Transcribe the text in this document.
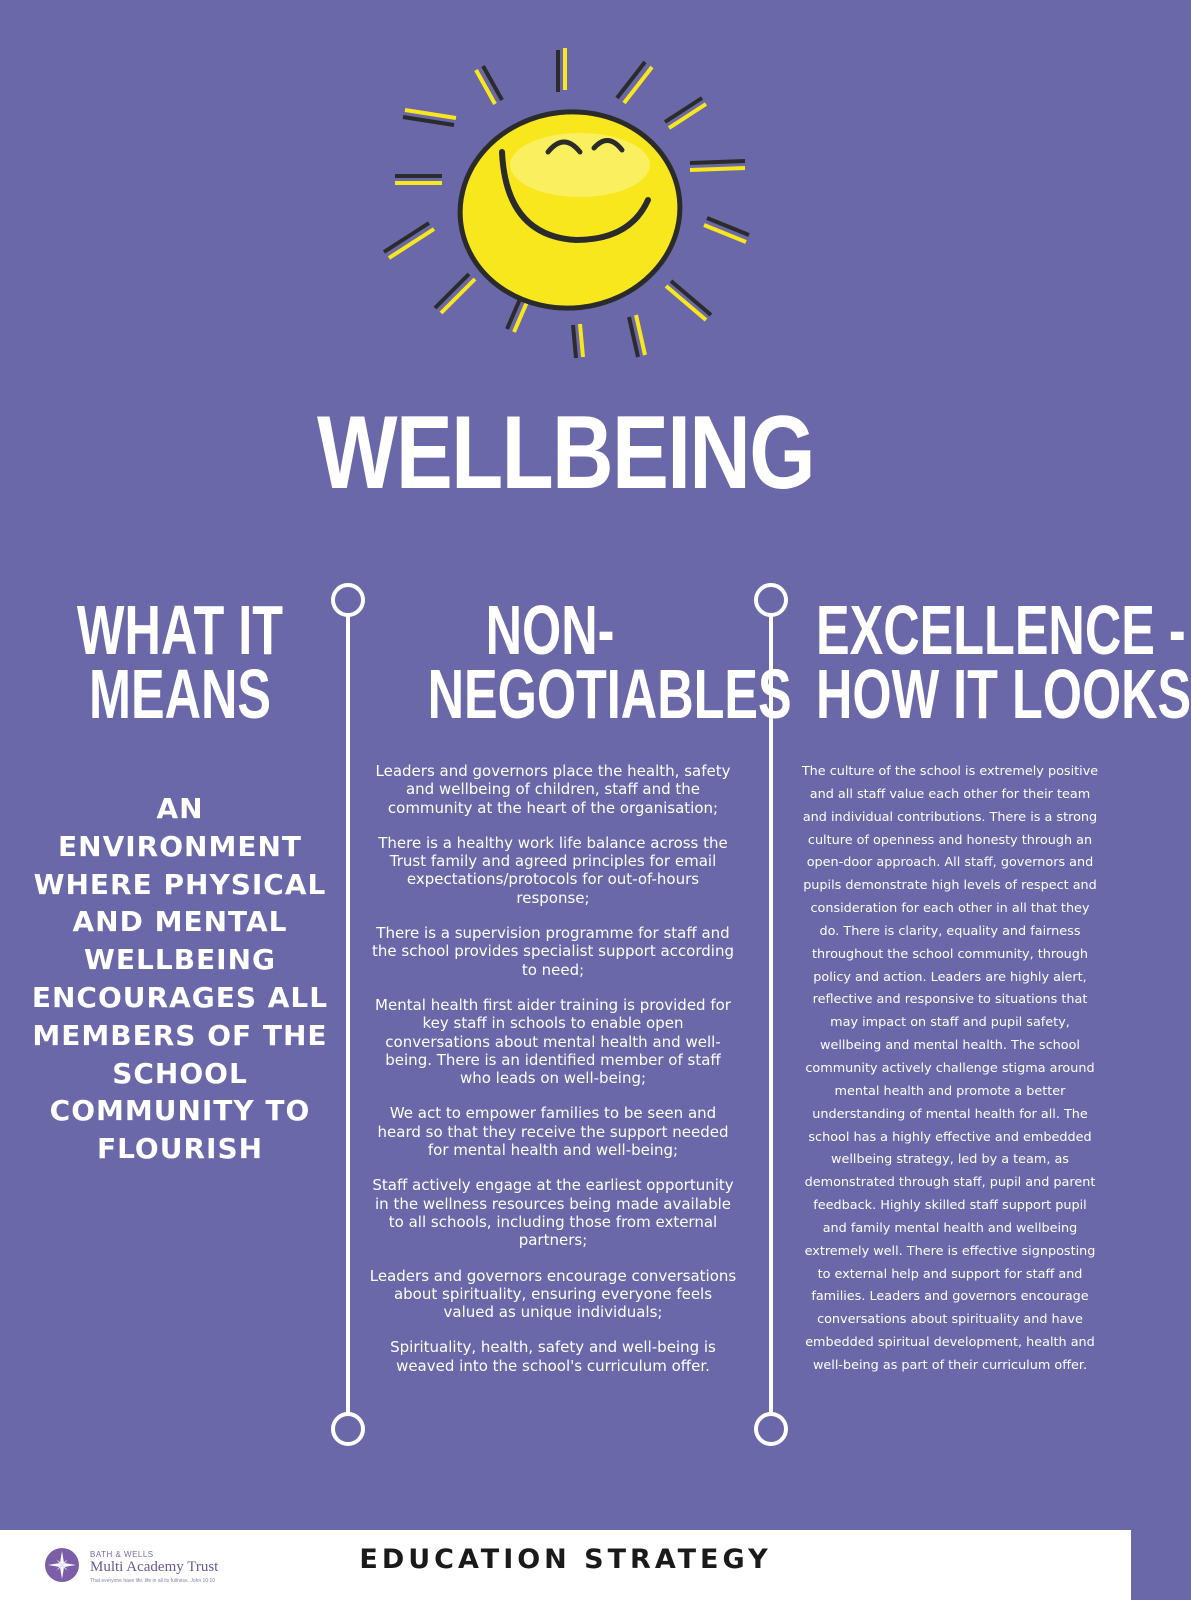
WELLBEING
WHAT IT
MEANS
NON-
NEGOTIABLES
EXCELLENCE -
HOW IT LOOKS
AN ENVIRONMENT WHERE PHYSICAL AND MENTAL WELLBEING ENCOURAGES ALL MEMBERS OF THE SCHOOL COMMUNITY TO FLOURISH

Leaders and governors place the health, safety and wellbeing of children, staff and the community at the heart of the organisation;

There is a healthy work life balance across the Trust family and agreed principles for email expectations/protocols for out-of-hours response;

There is a supervision programme for staff and the school provides specialist support according to need;

Mental health first aider training is provided for key staff in schools to enable open conversations about mental health and well-being. There is an identified member of staff who leads on well-being;

We act to empower families to be seen and heard so that they receive the support needed for mental health and well-being;

Staff actively engage at the earliest opportunity in the wellness resources being made available to all schools, including those from external partners;

Leaders and governors encourage conversations about spirituality, ensuring everyone feels valued as unique individuals;

Spirituality, health, safety and well-being is weaved into the school's curriculum offer.

The culture of the school is extremely positive and all staff value each other for their team and individual contributions. There is a strong culture of openness and honesty through an open-door approach. All staff, governors and pupils demonstrate high levels of respect and consideration for each other in all that they do. There is clarity, equality and fairness throughout the school community, through policy and action. Leaders are highly alert, reflective and responsive to situations that may impact on staff and pupil safety, wellbeing and mental health. The school community actively challenge stigma around mental health and promote a better understanding of mental health for all. The school has a highly effective and embedded wellbeing strategy, led by a team, as demonstrated through staff, pupil and parent feedback. Highly skilled staff support pupil and family mental health and wellbeing extremely well. There is effective signposting to external help and support for staff and families. Leaders and governors encourage conversations about spirituality and have embedded spiritual development, health and well-being as part of their curriculum offer.
BATH & WELLS
Multi Academy Trust
That everyone have life, life in all its fullness. John 10:10
EDUCATION STRATEGY
